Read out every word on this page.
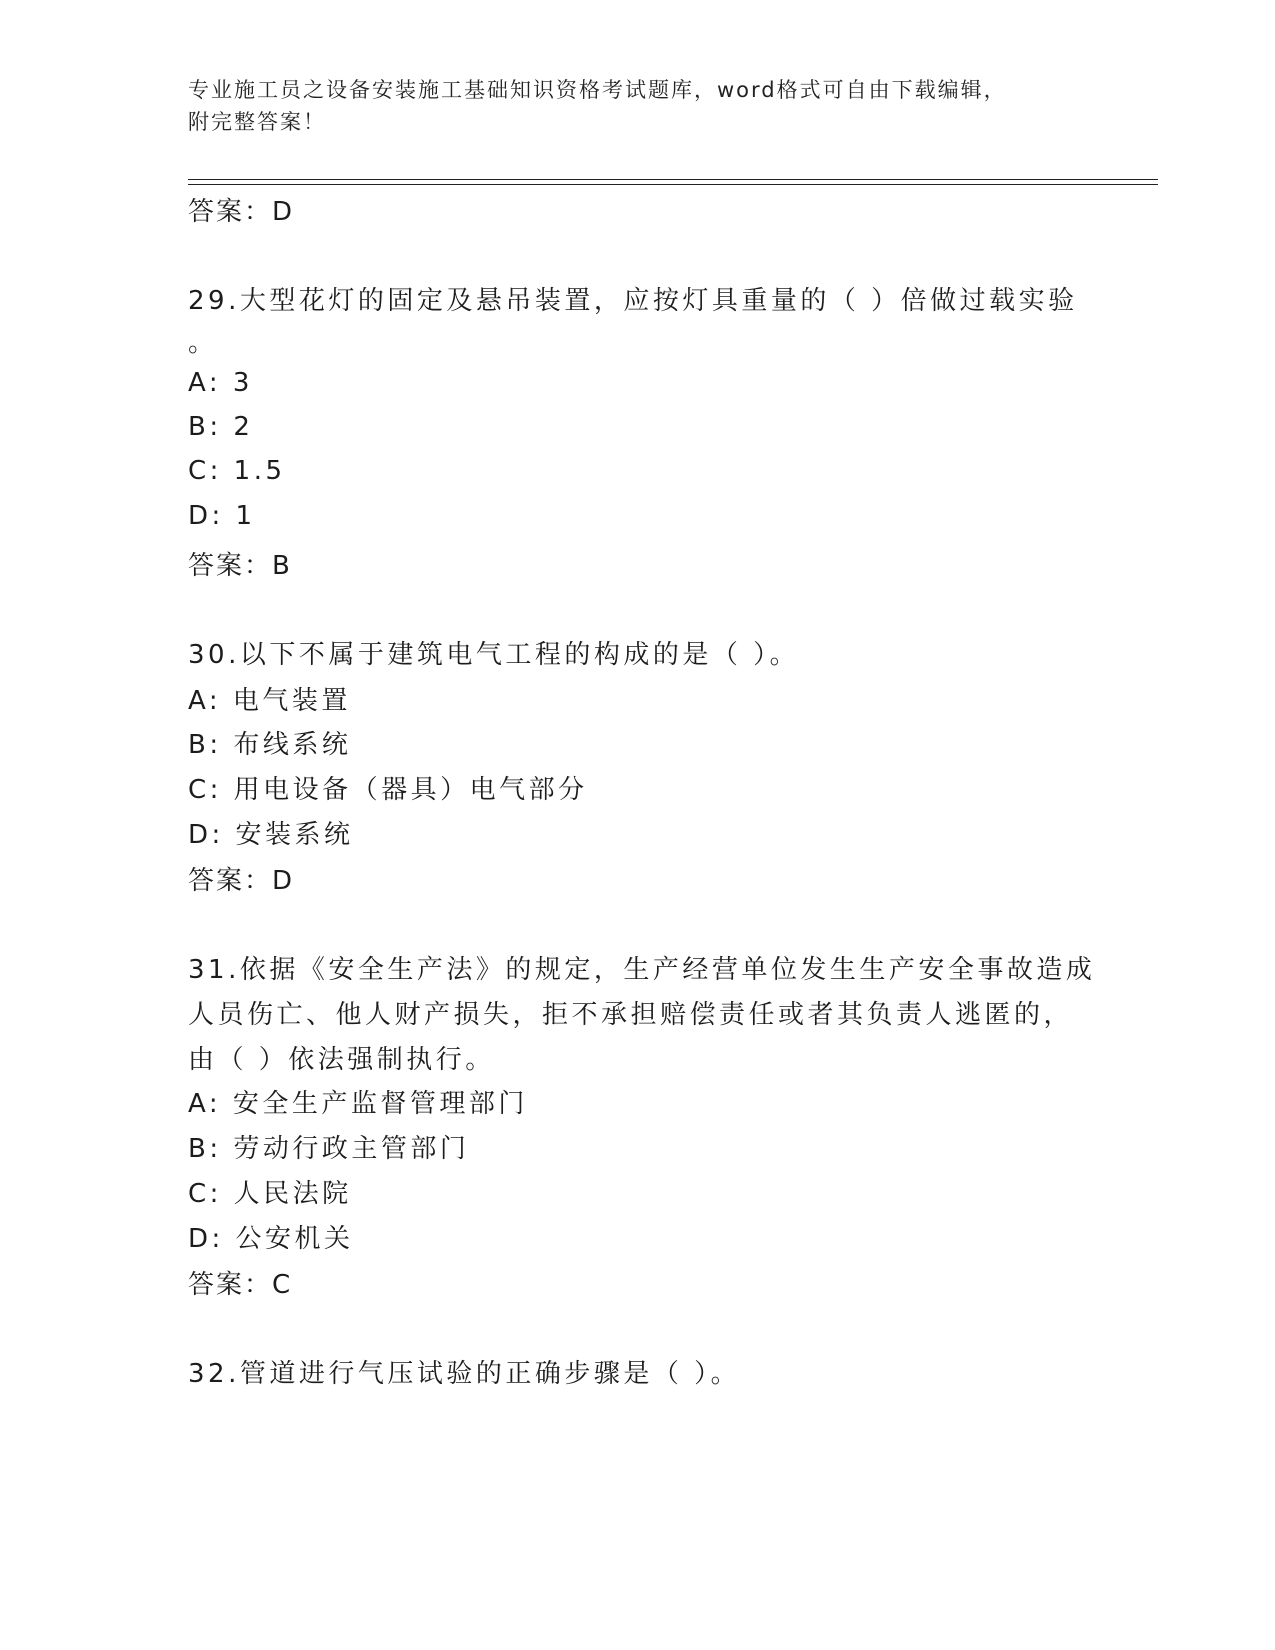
专业施工员之设备安装施工基础知识资格考试题库，word格式可自由下载编辑，
附完整答案！
答案：D
29.大型花灯的固定及悬吊装置，应按灯具重量的（ ）倍做过载实验
。
A: 3
B: 2
C: 1.5
D: 1
答案：B
30.以下不属于建筑电气工程的构成的是（ ）。
A: 电气装置
B: 布线系统
C: 用电设备（器具）电气部分
D: 安装系统
答案：D
31.依据《安全生产法》的规定，生产经营单位发生生产安全事故造成
人员伤亡、他人财产损失，拒不承担赔偿责任或者其负责人逃匿的，
由（ ）依法强制执行。
A: 安全生产监督管理部门
B: 劳动行政主管部门
C: 人民法院
D: 公安机关
答案：C
32.管道进行气压试验的正确步骤是（ ）。
